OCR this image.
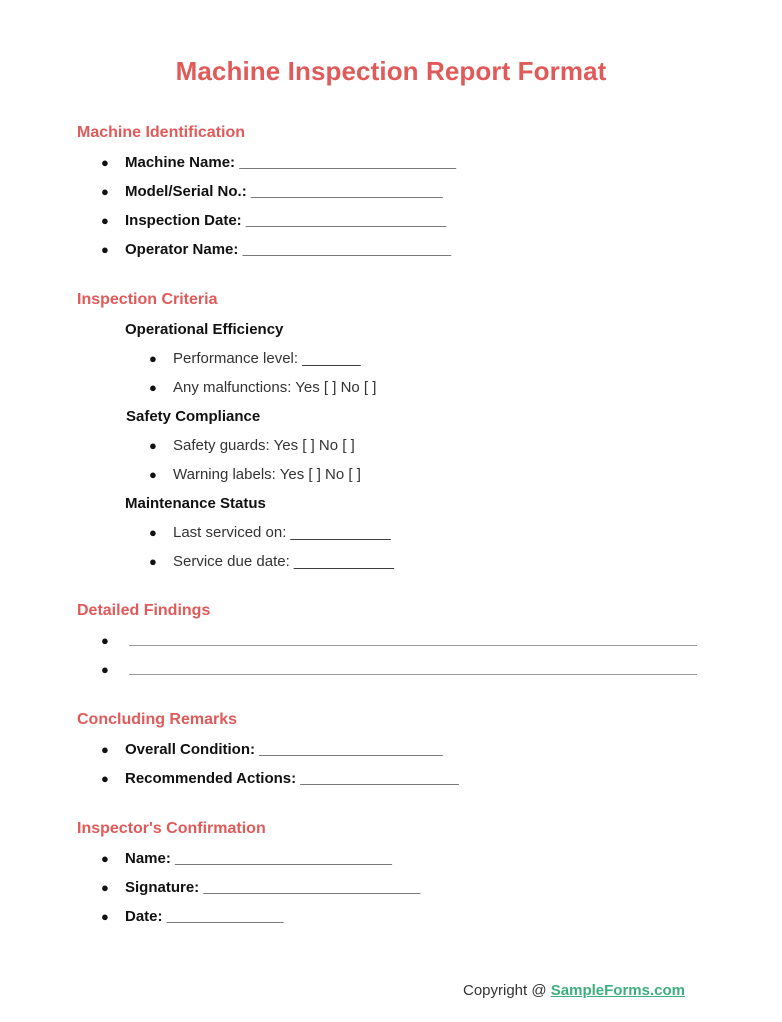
Machine Inspection Report Format
Machine Identification
● Machine Name: __________________________
● Model/Serial No.: _______________________
● Inspection Date: ________________________
● Operator Name: _________________________
Inspection Criteria
Operational Efficiency
● Performance level: _______
● Any malfunctions: Yes [ ] No [ ]
Safety Compliance
● Safety guards: Yes [ ] No [ ]
● Warning labels: Yes [ ] No [ ]
Maintenance Status
● Last serviced on: ____________
● Service due date: ____________
Detailed Findings
●
●
Concluding Remarks
● Overall Condition: ______________________
● Recommended Actions: ___________________
Inspector's Confirmation
● Name: __________________________
● Signature: __________________________
● Date: ______________
Copyright @ SampleForms.com
